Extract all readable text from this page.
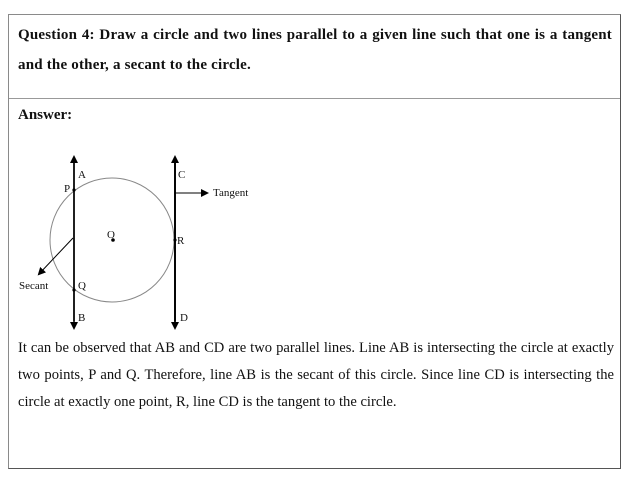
Question 4: Draw a circle and two lines parallel to a given line such that one is a tangent and the other, a secant to the circle.
Answer:
O
A
P
Q
B
Secant
C
R
D
Tangent
It can be observed that AB and CD are two parallel lines. Line AB is intersecting the circle at exactly two points, P and Q. Therefore, line AB is the secant of this circle. Since line CD is intersecting the circle at exactly one point, R, line CD is the tangent to the circle.
